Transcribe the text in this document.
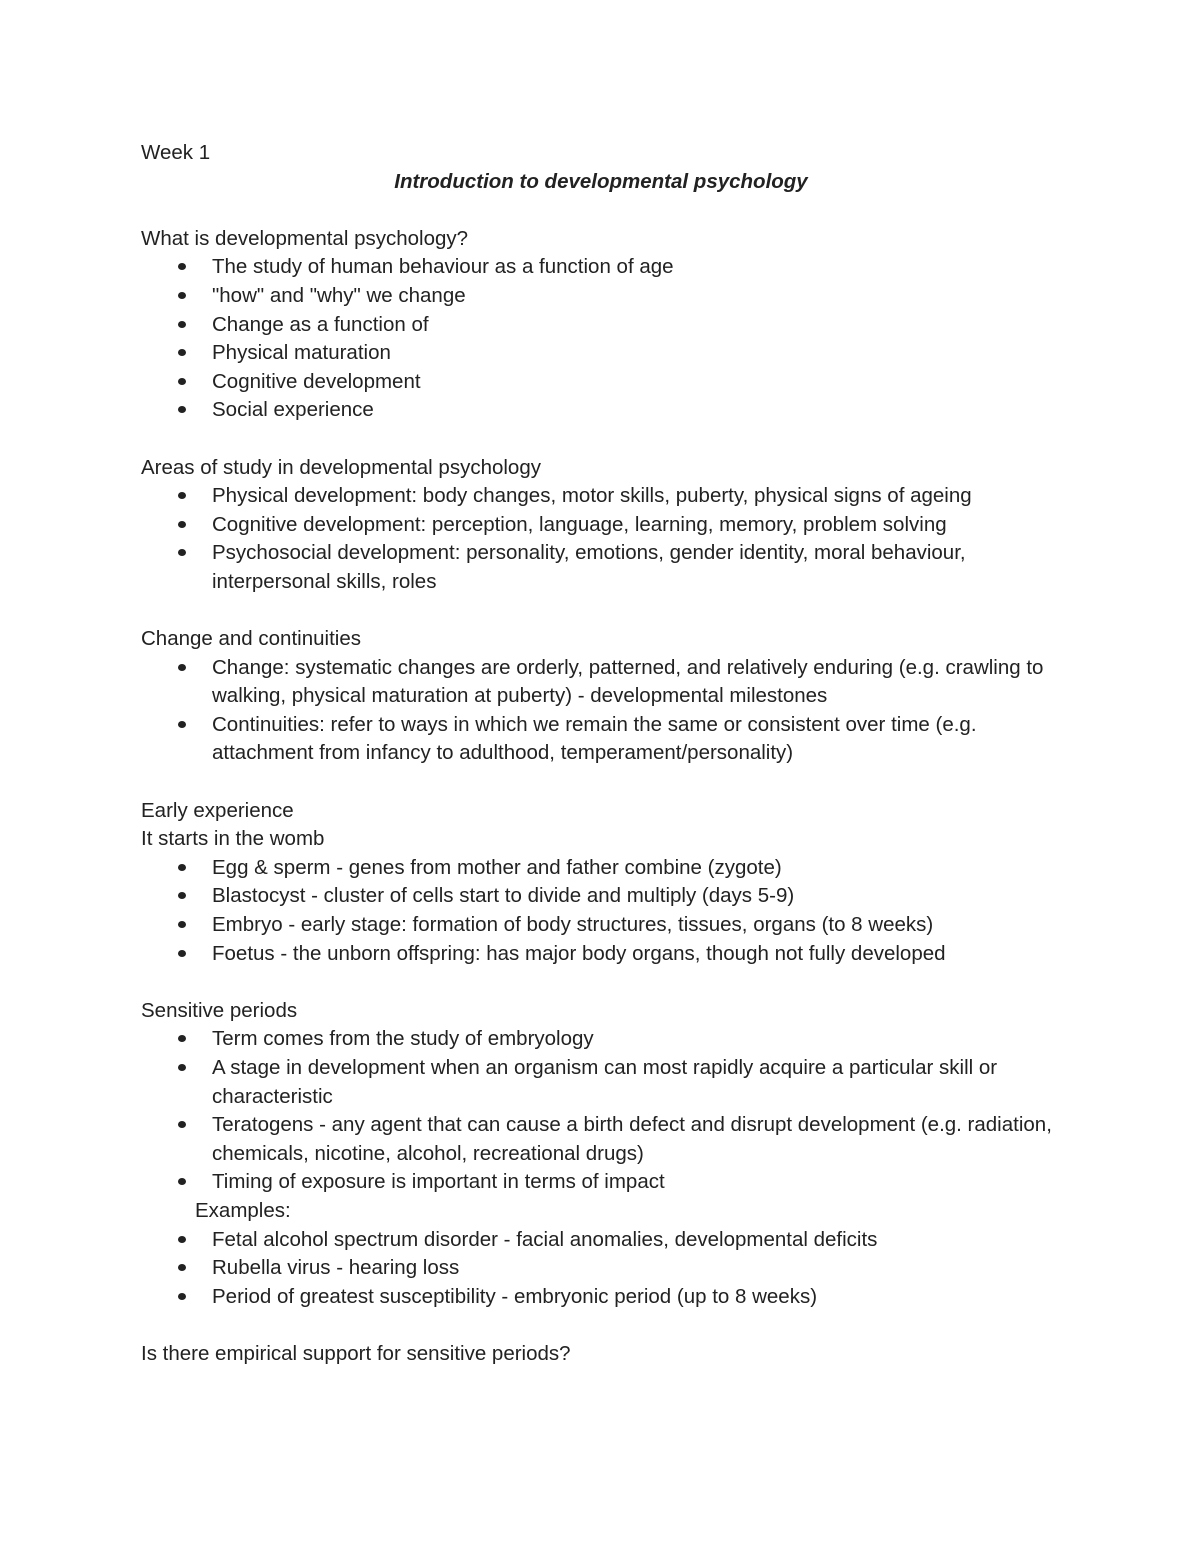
Week 1

Introduction to developmental psychology

What is developmental psychology?

The study of human behaviour as a function of age
"how" and "why" we change
Change as a function of
Physical maturation
Cognitive development
Social experience

Areas of study in developmental psychology

Physical development: body changes, motor skills, puberty, physical signs of ageing
Cognitive development: perception, language, learning, memory, problem solving
Psychosocial development: personality, emotions, gender identity, moral behaviour, interpersonal skills, roles

Change and continuities

Change: systematic changes are orderly, patterned, and relatively enduring (e.g. crawling to walking, physical maturation at puberty) - developmental milestones
Continuities: refer to ways in which we remain the same or consistent over time (e.g. attachment from infancy to adulthood, temperament/personality)

Early experience

It starts in the womb

Egg & sperm - genes from mother and father combine (zygote)
Blastocyst - cluster of cells start to divide and multiply (days 5-9)
Embryo - early stage: formation of body structures, tissues, organs (to 8 weeks)
Foetus - the unborn offspring: has major body organs, though not fully developed

Sensitive periods

Term comes from the study of embryology
A stage in development when an organism can most rapidly acquire a particular skill or characteristic
Teratogens - any agent that can cause a birth defect and disrupt development (e.g. radiation, chemicals, nicotine, alcohol, recreational drugs)
Timing of exposure is important in terms of impact

Examples:

Fetal alcohol spectrum disorder - facial anomalies, developmental deficits
Rubella virus - hearing loss
Period of greatest susceptibility - embryonic period (up to 8 weeks)

Is there empirical support for sensitive periods?
